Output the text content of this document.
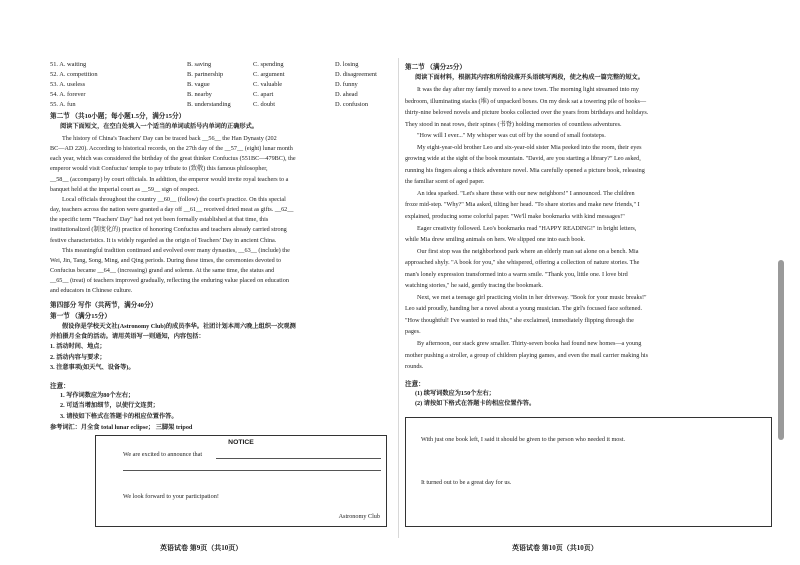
51. A. waiting	B. saving	C. spending	D. losing
52. A. competition	B. partnership	C. argument	D. disagreement
53. A. useless	B. vague	C. valuable	D. funny
54. A. forever	B. nearby	C. apart	D. ahead
55. A. fun	B. understanding	C. doubt	D. confusion
第二节 （共10小题；每小题1.5分，满分15分）
阅读下面短文，在空白处填入一个适当的单词或括号内单词的正确形式。
The history of China's Teachers' Day can be traced back __56__ the Han Dynasty (202
BC—AD 220). According to historical records, on the 27th day of the __57__ (eight) lunar month
each year, which was considered the birthday of the great thinker Confucius (551BC—479BC), the
emperor would visit Confucius' temple to pay tribute to (致敬) this famous philosopher,
__58__ (accompany) by court officials. In addition, the emperor would invite royal teachers to a
banquet held at the imperial court as __59__ sign of respect.
Local officials throughout the country __60__ (follow) the court's practice. On this special
day, teachers across the nation were granted a day off __61__ received dried meat as gifts. __62__
the specific term "Teachers' Day" had not yet been formally established at that time, this
institutionalized (制度化的) practice of honoring Confucius and teachers already carried strong
festive characteristics. It is widely regarded as the origin of Teachers' Day in ancient China.
This meaningful tradition continued and evolved over many dynasties, __63__ (include) the
Wei, Jin, Tang, Song, Ming, and Qing periods. During these times, the ceremonies devoted to
Confucius became __64__ (increasing) grand and solemn. At the same time, the status and
__65__ (treat) of teachers improved gradually, reflecting the enduring value placed on education
and educators in Chinese culture.
第四部分 写作（共两节，满分40分）
第一节 （满分15分）
假设你是学校天文社(Astronomy Club)的成员李华。社团计划本周六晚上组织一次观测
并拍摄月全食的活动。请用英语写一则通知，内容包括：
1. 活动时间、地点；
2. 活动内容与要求；
3. 注意事项(如天气、设备等)。
注意：
1. 写作词数应为80个左右；
2. 可适当增加细节，以使行文连贯；
3. 请按如下格式在答题卡的相应位置作答。
参考词汇：月全食 total lunar eclipse； 三脚架 tripod
NOTICE
We are excited to announce that
We look forward to your participation!
Astronomy Club
英语试卷 第9页（共10页）
第二节 （满分25分）
阅读下面材料，根据其内容和所给段落开头语续写两段，使之构成一篇完整的短文。
It was the day after my family moved to a new town. The morning light streamed into my
bedroom, illuminating stacks (堆) of unpacked boxes. On my desk sat a towering pile of books—
thirty-nine beloved novels and picture books collected over the years from birthdays and holidays.
They stood in neat rows, their spines (书脊) holding memories of countless adventures.
"How will I ever..." My whisper was cut off by the sound of small footsteps.
My eight-year-old brother Leo and six-year-old sister Mia peeked into the room, their eyes
growing wide at the sight of the book mountain. "David, are you starting a library?" Leo asked,
running his fingers along a thick adventure novel. Mia carefully opened a picture book, releasing
the familiar scent of aged paper.
An idea sparked. "Let's share these with our new neighbors!" I announced. The children
froze mid-step. "Why?" Mia asked, tilting her head. "To share stories and make new friends," I
explained, producing some colorful paper. "We'll make bookmarks with kind messages!"
Eager creativity followed. Leo's bookmarks read "HAPPY READING!" in bright letters,
while Mia drew smiling animals on hers. We slipped one into each book.
Our first stop was the neighborhood park where an elderly man sat alone on a bench. Mia
approached shyly. "A book for you," she whispered, offering a collection of nature stories. The
man's lonely expression transformed into a warm smile. "Thank you, little one. I love bird
watching stories," he said, gently tracing the bookmark.
Next, we met a teenage girl practicing violin in her driveway. "Book for your music breaks!"
Leo said proudly, handing her a novel about a young musician. The girl's focused face softened.
"How thoughtful! I've wanted to read this," she exclaimed, immediately flipping through the
pages.
By afternoon, our stack grew smaller. Thirty-seven books had found new homes—a young
mother pushing a stroller, a group of children playing games, and even the mail carrier making his
rounds.
注意：
(1) 续写词数应为150个左右；
(2) 请按如下格式在答题卡的相应位置作答。
With just one book left, I said it should be given to the person who needed it most.
It turned out to be a great day for us.
英语试卷 第10页（共10页）
